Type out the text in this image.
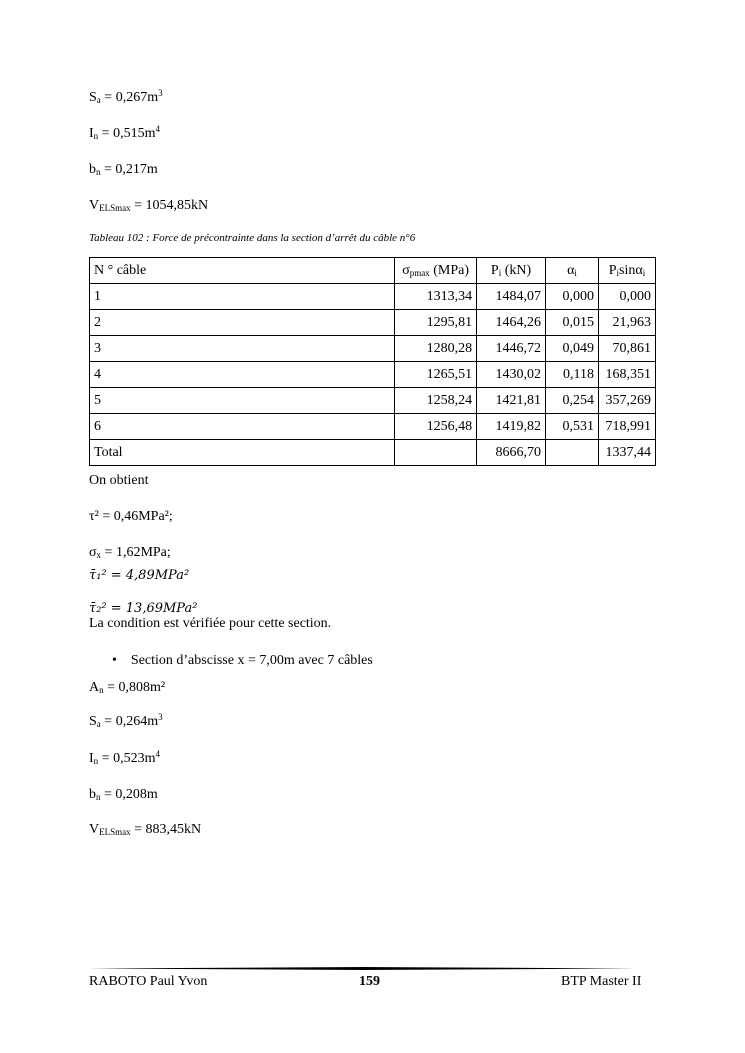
$S_a = 0,267m^3$
$I_n = 0,515m^4$
$b_n = 0,217m$
$V_{ELSmax} = 1054,85kN$
Tableau 102 : Force de précontrainte dans la section d’arrêt du câble n°6
N ° câble	$\sigma_{pmax}$ (MPa)	$P_i$ (kN)	$\alpha_i$	$P_i\sin\alpha_i$
1	1313,34	1484,07	0,000	0,000
2	1295,81	1464,26	0,015	21,963
3	1280,28	1446,72	0,049	70,861
4	1265,51	1430,02	0,118	168,351
5	1258,24	1421,81	0,254	357,269
6	1256,48	1419,82	0,531	718,991
Total		8666,70		1337,44
On obtient
τ² = 0,46MPa²;
$\sigma_x = 1,62MPa$;
τ̄₁² = 4,89MPa²
τ̄₂² = 13,69MPa²
La condition est vérifiée pour cette section.
• Section d’abscisse x = 7,00m avec 7 câbles
$A_n = 0,808m^2$
$S_a = 0,264m^3$
$I_n = 0,523m^4$
$b_n = 0,208m$
$V_{ELSmax} = 883,45kN$
RABOTO Paul Yvon	159	BTP Master II
